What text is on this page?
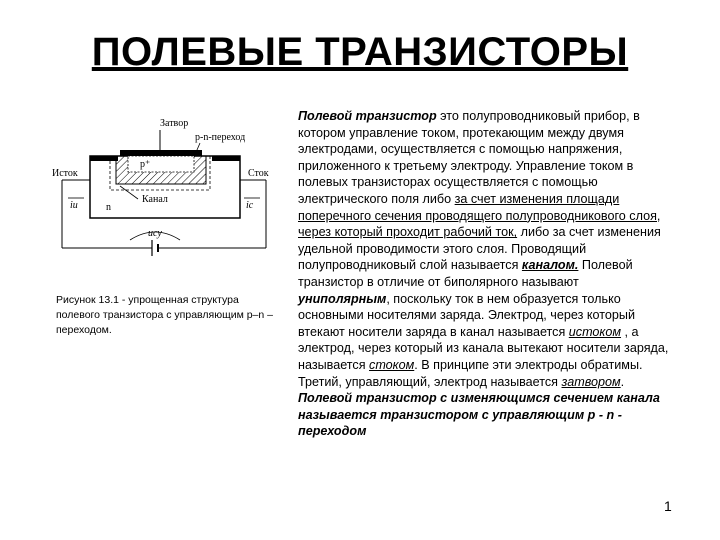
ПОЛЕВЫЕ ТРАНЗИСТОРЫ
Затвор
p-n-переход
p⁺
n
Канал
Исток
iи
Сток
iс
uсу
Рисунок 13.1 - упрощенная структура полевого транзистора с управляющим p–n – переходом.
Полевой транзистор это полупроводниковый прибор, в котором управление током, протекающим между двумя электродами, осуществляется с помощью напряжения, приложенного к третьему электроду. Управление током в полевых транзисторах осуществляется с помощью электрического поля либо за счет изменения площади поперечного сечения проводящего полупроводникового слоя, через который проходит рабочий ток, либо за счет изменения удельной проводимости этого слоя. Проводящий полупроводниковый слой называется каналом. Полевой транзистор в отличие от биполярного называют униполярным, поскольку ток в нем образуется только основными носителями заряда. Электрод, через который втекают носители заряда в канал называется истоком , а электрод, через который из канала вытекают носители заряда, называется стоком. В принципе эти электроды обратимы. Третий, управляющий, электрод называется затвором. Полевой транзистор с изменяющимся сечением канала называется транзистором с управляющим p - n - переходом
1
